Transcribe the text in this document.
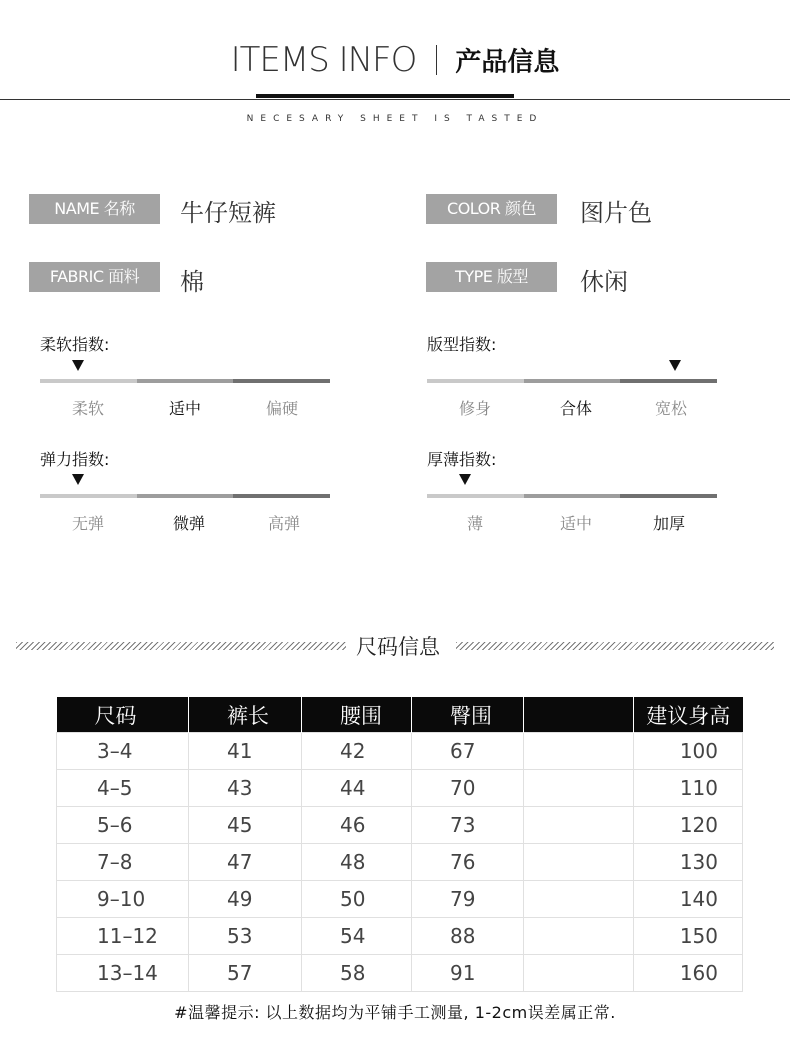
ITEMS INFO 产品信息
NECESARY SHEET IS TASTED
NAME 名称	牛仔短裤	COLOR 颜色	图片色
FABRIC 面料	棉	TYPE 版型	休闲
柔软指数:
柔软	适中	偏硬
版型指数:
修身	合体	宽松
弹力指数:
无弹	微弹	高弹
厚薄指数:
薄	适中	加厚
尺码信息
尺码	裤长	腰围	臀围		建议身高
3–4	41	42	67		100
4–5	43	44	70		110
5–6	45	46	73		120
7–8	47	48	76		130
9–10	49	50	79		140
11–12	53	54	88		150
13–14	57	58	91		160
#温馨提示: 以上数据均为平铺手工测量, 1-2cm误差属正常.
